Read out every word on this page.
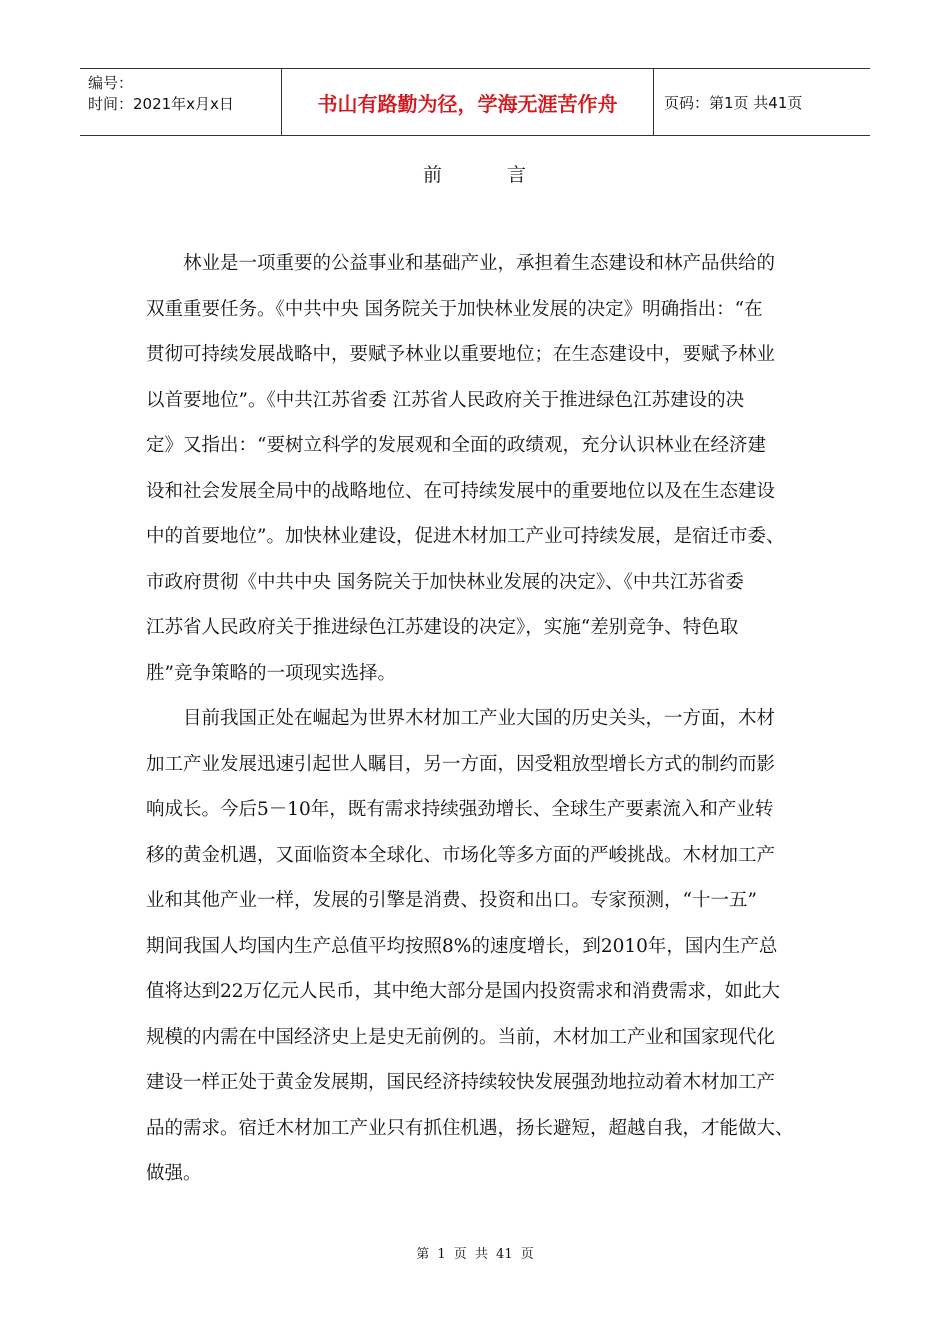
编号：
时间：2021年x月x日	书山有路勤为径，学海无涯苦作舟	页码：第1页 共41页
前	言
林业是一项重要的公益事业和基础产业，承担着生态建设和林产品供给的
双重重要任务。《中共中央 国务院关于加快林业发展的决定》明确指出：“在
贯彻可持续发展战略中，要赋予林业以重要地位；在生态建设中，要赋予林业
以首要地位”。《中共江苏省委 江苏省人民政府关于推进绿色江苏建设的决
定》又指出：“要树立科学的发展观和全面的政绩观，充分认识林业在经济建
设和社会发展全局中的战略地位、在可持续发展中的重要地位以及在生态建设
中的首要地位”。加快林业建设，促进木材加工产业可持续发展，是宿迁市委、
市政府贯彻《中共中央 国务院关于加快林业发展的决定》、《中共江苏省委
江苏省人民政府关于推进绿色江苏建设的决定》，实施“差别竞争、特色取
胜”竞争策略的一项现实选择。
目前我国正处在崛起为世界木材加工产业大国的历史关头，一方面，木材
加工产业发展迅速引起世人瞩目，另一方面，因受粗放型增长方式的制约而影
响成长。今后5－10年，既有需求持续强劲增长、全球生产要素流入和产业转
移的黄金机遇，又面临资本全球化、市场化等多方面的严峻挑战。木材加工产
业和其他产业一样，发展的引擎是消费、投资和出口。专家预测，“十一五”
期间我国人均国内生产总值平均按照8%的速度增长，到2010年，国内生产总
值将达到22万亿元人民币，其中绝大部分是国内投资需求和消费需求，如此大
规模的内需在中国经济史上是史无前例的。当前，木材加工产业和国家现代化
建设一样正处于黄金发展期，国民经济持续较快发展强劲地拉动着木材加工产
品的需求。宿迁木材加工产业只有抓住机遇，扬长避短，超越自我，才能做大、
做强。
第 1 页 共 41 页
